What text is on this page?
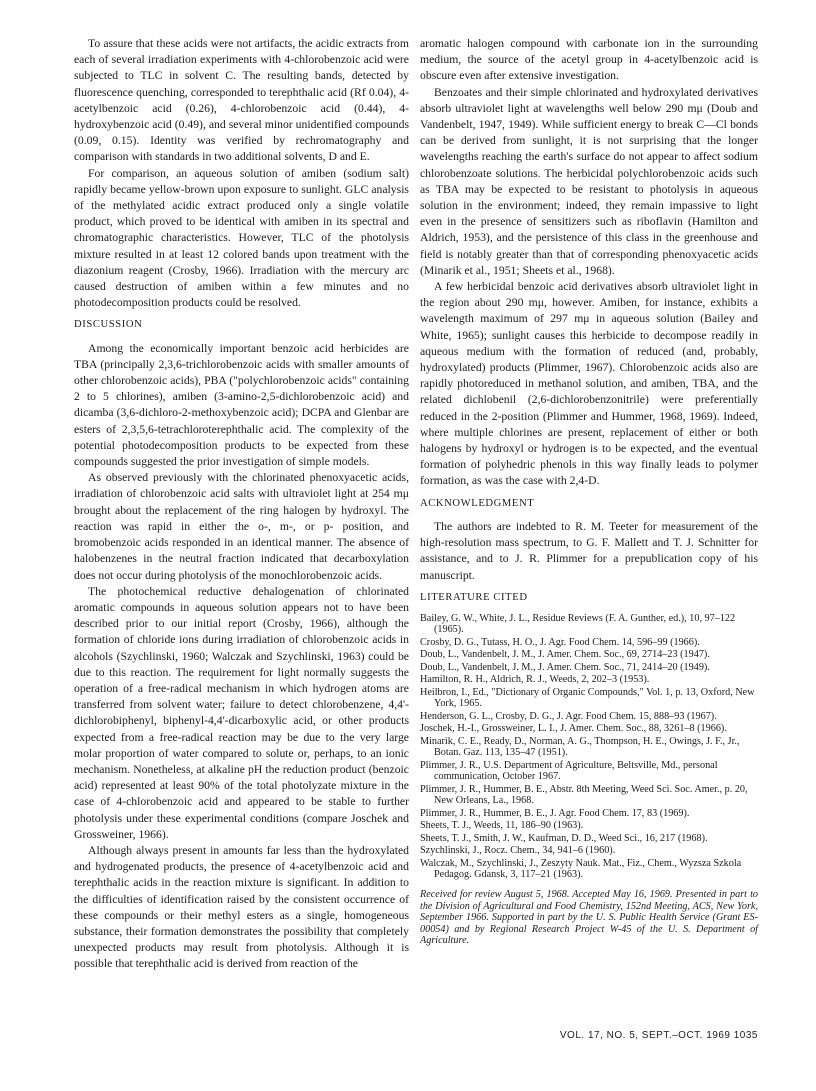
To assure that these acids were not artifacts, the acidic extracts from each of several irradiation experiments with 4-chlorobenzoic acid were subjected to TLC in solvent C. The resulting bands, detected by fluorescence quenching, corresponded to terephthalic acid (Rf 0.04), 4-acetylbenzoic acid (0.26), 4-chlorobenzoic acid (0.44), 4-hydroxybenzoic acid (0.49), and several minor unidentified compounds (0.09, 0.15). Identity was verified by rechromatography and comparison with standards in two additional solvents, D and E.

For comparison, an aqueous solution of amiben (sodium salt) rapidly became yellow-brown upon exposure to sunlight. GLC analysis of the methylated acidic extract produced only a single volatile product, which proved to be identical with amiben in its spectral and chromatographic characteristics. However, TLC of the photolysis mixture resulted in at least 12 colored bands upon treatment with the diazonium reagent (Crosby, 1966). Irradiation with the mercury arc caused destruction of amiben within a few minutes and no photodecomposition products could be resolved.

DISCUSSION

Among the economically important benzoic acid herbicides are TBA (principally 2,3,6-trichlorobenzoic acids with smaller amounts of other chlorobenzoic acids), PBA ("polychlorobenzoic acids" containing 2 to 5 chlorines), amiben (3-amino-2,5-dichlorobenzoic acid) and dicamba (3,6-dichloro-2-methoxybenzoic acid); DCPA and Glenbar are esters of 2,3,5,6-tetrachloroterephthalic acid. The complexity of the potential photodecomposition products to be expected from these compounds suggested the prior investigation of simple models.

As observed previously with the chlorinated phenoxyacetic acids, irradiation of chlorobenzoic acid salts with ultraviolet light at 254 mμ brought about the replacement of the ring halogen by hydroxyl. The reaction was rapid in either the o-, m-, or p- position, and bromobenzoic acids responded in an identical manner. The absence of halobenzenes in the neutral fraction indicated that decarboxylation does not occur during photolysis of the monochlorobenzoic acids.

The photochemical reductive dehalogenation of chlorinated aromatic compounds in aqueous solution appears not to have been described prior to our initial report (Crosby, 1966), although the formation of chloride ions during irradiation of chlorobenzoic acids in alcohols (Szychlinski, 1960; Walczak and Szychlinski, 1963) could be due to this reaction. The requirement for light normally suggests the operation of a free-radical mechanism in which hydrogen atoms are transferred from solvent water; failure to detect chlorobenzene, 4,4'-dichlorobiphenyl, biphenyl-4,4'-dicarboxylic acid, or other products expected from a free-radical reaction may be due to the very large molar proportion of water compared to solute or, perhaps, to an ionic mechanism. Nonetheless, at alkaline pH the reduction product (benzoic acid) represented at least 90% of the total photolyzate mixture in the case of 4-chlorobenzoic acid and appeared to be stable to further photolysis under these experimental conditions (compare Joschek and Grossweiner, 1966).

Although always present in amounts far less than the hydroxylated and hydrogenated products, the presence of 4-acetylbenzoic acid and terephthalic acids in the reaction mixture is significant. In addition to the difficulties of identification raised by the consistent occurrence of these compounds or their methyl esters as a single, homogeneous substance, their formation demonstrates the possibility that completely unexpected products may result from photolysis. Although it is possible that terephthalic acid is derived from reaction of the

aromatic halogen compound with carbonate ion in the surrounding medium, the source of the acetyl group in 4-acetylbenzoic acid is obscure even after extensive investigation.

Benzoates and their simple chlorinated and hydroxylated derivatives absorb ultraviolet light at wavelengths well below 290 mμ (Doub and Vandenbelt, 1947, 1949). While sufficient energy to break C—Cl bonds can be derived from sunlight, it is not surprising that the longer wavelengths reaching the earth's surface do not appear to affect sodium chlorobenzoate solutions. The herbicidal polychlorobenzoic acids such as TBA may be expected to be resistant to photolysis in aqueous solution in the environment; indeed, they remain impassive to light even in the presence of sensitizers such as riboflavin (Hamilton and Aldrich, 1953), and the persistence of this class in the greenhouse and field is notably greater than that of corresponding phenoxyacetic acids (Minarik et al., 1951; Sheets et al., 1968).

A few herbicidal benzoic acid derivatives absorb ultraviolet light in the region about 290 mμ, however. Amiben, for instance, exhibits a wavelength maximum of 297 mμ in aqueous solution (Bailey and White, 1965); sunlight causes this herbicide to decompose readily in aqueous medium with the formation of reduced (and, probably, hydroxylated) products (Plimmer, 1967). Chlorobenzoic acids also are rapidly photoreduced in methanol solution, and amiben, TBA, and the related dichlobenil (2,6-dichlorobenzonitrile) were preferentially reduced in the 2-position (Plimmer and Hummer, 1968, 1969). Indeed, where multiple chlorines are present, replacement of either or both halogens by hydroxyl or hydrogen is to be expected, and the eventual formation of polyhedric phenols in this way finally leads to polymer formation, as was the case with 2,4-D.

ACKNOWLEDGMENT

The authors are indebted to R. M. Teeter for measurement of the high-resolution mass spectrum, to G. F. Mallett and T. J. Schnitter for assistance, and to J. R. Plimmer for a prepublication copy of his manuscript.

LITERATURE CITED

Bailey, G. W., White, J. L., Residue Reviews (F. A. Gunther, ed.), 10, 97–122 (1965).

Crosby, D. G., Tutass, H. O., J. Agr. Food Chem. 14, 596–99 (1966).

Doub, L., Vandenbelt, J. M., J. Amer. Chem. Soc., 69, 2714–23 (1947).

Doub, L., Vandenbelt, J. M., J. Amer. Chem. Soc., 71, 2414–20 (1949).

Hamilton, R. H., Aldrich, R. J., Weeds, 2, 202–3 (1953).

Heilbron, I., Ed., "Dictionary of Organic Compounds," Vol. 1, p. 13, Oxford, New York, 1965.

Henderson, G. L., Crosby, D. G., J. Agr. Food Chem. 15, 888–93 (1967).

Joschek, H.-I., Grossweiner, L. I., J. Amer. Chem. Soc., 88, 3261–8 (1966).

Minarik, C. E., Ready, D., Norman, A. G., Thompson, H. E., Owings, J. F., Jr., Botan. Gaz. 113, 135–47 (1951).

Plimmer, J. R., U.S. Department of Agriculture, Beltsville, Md., personal communication, October 1967.

Plimmer, J. R., Hummer, B. E., Abstr. 8th Meeting, Weed Sci. Soc. Amer., p. 20, New Orleans, La., 1968.

Plimmer, J. R., Hummer, B. E., J. Agr. Food Chem. 17, 83 (1969).

Sheets, T. J., Weeds, 11, 186–90 (1963).

Sheets, T. J., Smith, J. W., Kaufman, D. D., Weed Sci., 16, 217 (1968).

Szychlinski, J., Rocz. Chem., 34, 941–6 (1960).

Walczak, M., Szychlinski, J., Zeszyty Nauk. Mat., Fiz., Chem., Wyzsza Szkola Pedagog. Gdansk, 3, 117–21 (1963).

Received for review August 5, 1968. Accepted May 16, 1969. Presented in part to the Division of Agricultural and Food Chemistry, 152nd Meeting, ACS, New York, September 1966. Supported in part by the U. S. Public Health Service (Grant ES-00054) and by Regional Research Project W-45 of the U. S. Department of Agriculture.

VOL. 17, NO. 5, SEPT.–OCT. 1969 1035
